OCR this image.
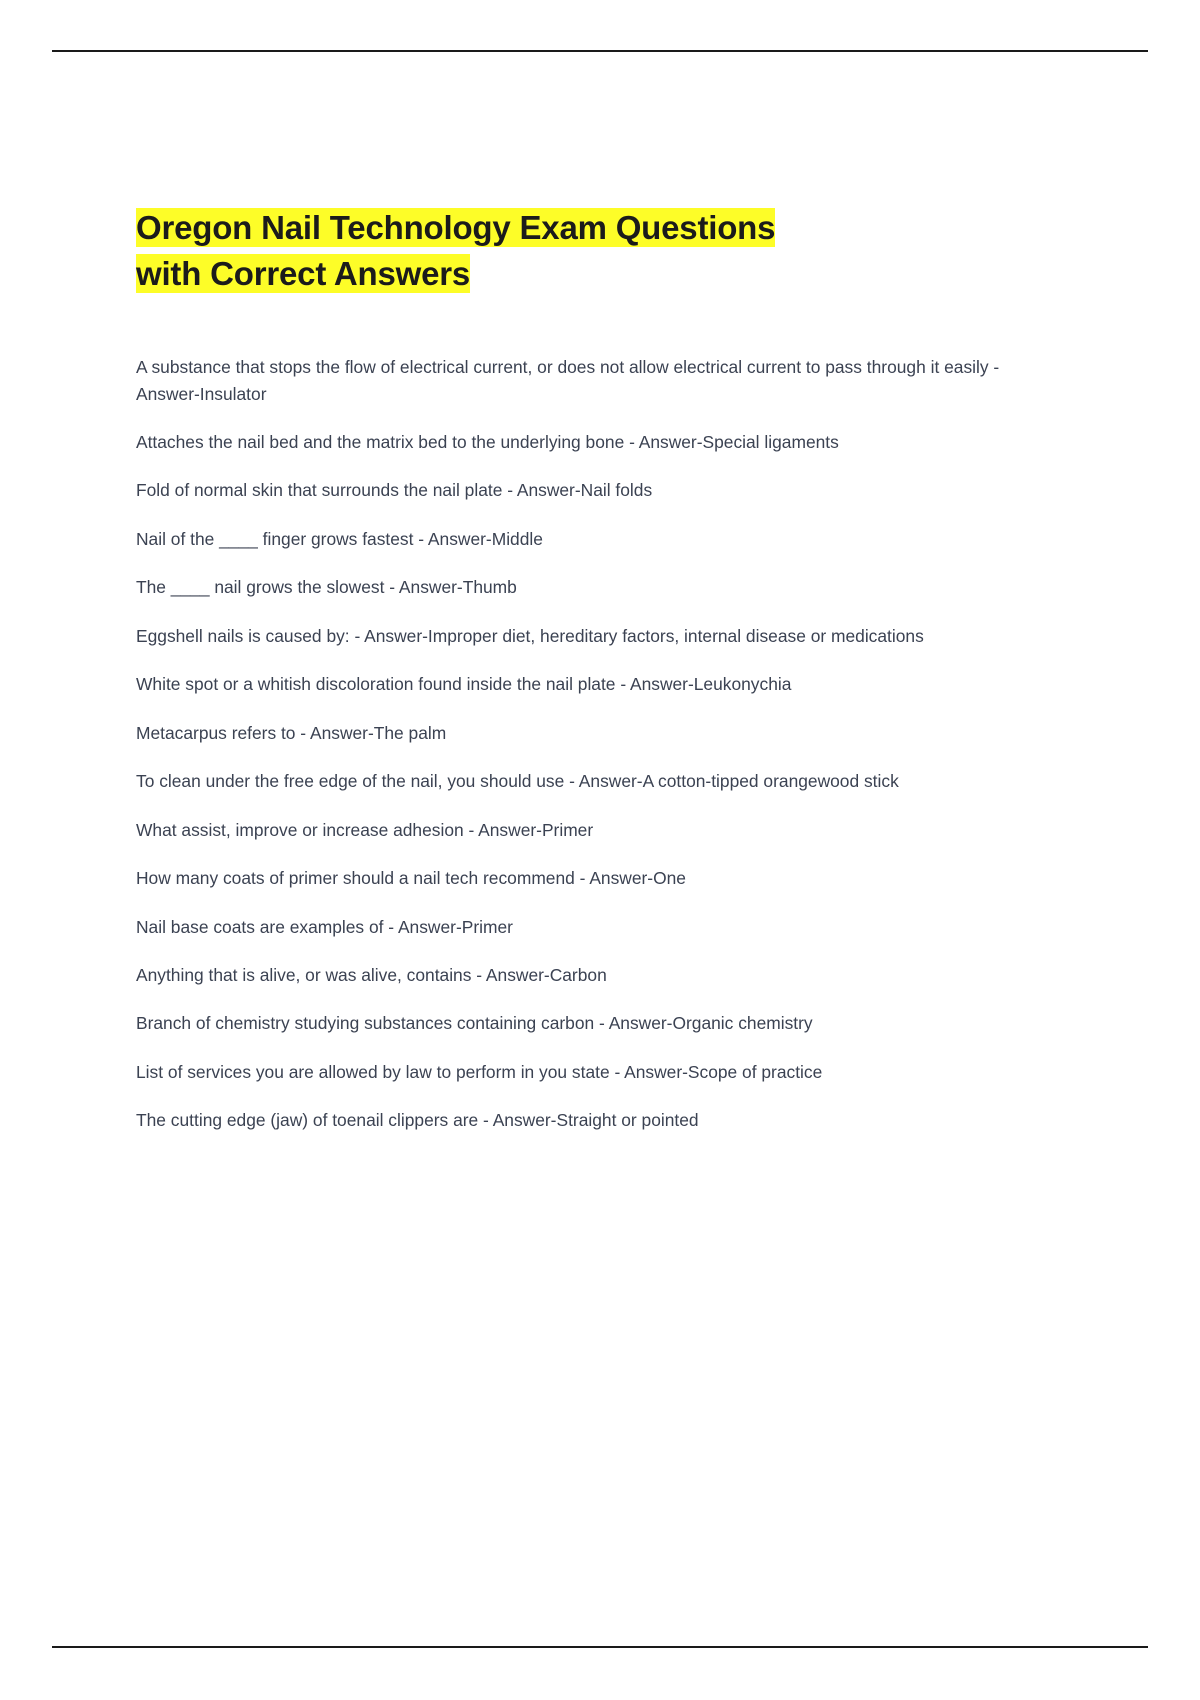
Oregon Nail Technology Exam Questions
with Correct Answers

A substance that stops the flow of electrical current, or does not allow electrical current to pass through it easily - Answer-Insulator

Attaches the nail bed and the matrix bed to the underlying bone - Answer-Special ligaments

Fold of normal skin that surrounds the nail plate - Answer-Nail folds

Nail of the ____ finger grows fastest - Answer-Middle

The ____ nail grows the slowest - Answer-Thumb

Eggshell nails is caused by: - Answer-Improper diet, hereditary factors, internal disease or medications

White spot or a whitish discoloration found inside the nail plate - Answer-Leukonychia

Metacarpus refers to - Answer-The palm

To clean under the free edge of the nail, you should use - Answer-A cotton-tipped orangewood stick

What assist, improve or increase adhesion - Answer-Primer

How many coats of primer should a nail tech recommend - Answer-One

Nail base coats are examples of - Answer-Primer

Anything that is alive, or was alive, contains - Answer-Carbon

Branch of chemistry studying substances containing carbon - Answer-Organic chemistry

List of services you are allowed by law to perform in you state - Answer-Scope of practice

The cutting edge (jaw) of toenail clippers are - Answer-Straight or pointed
